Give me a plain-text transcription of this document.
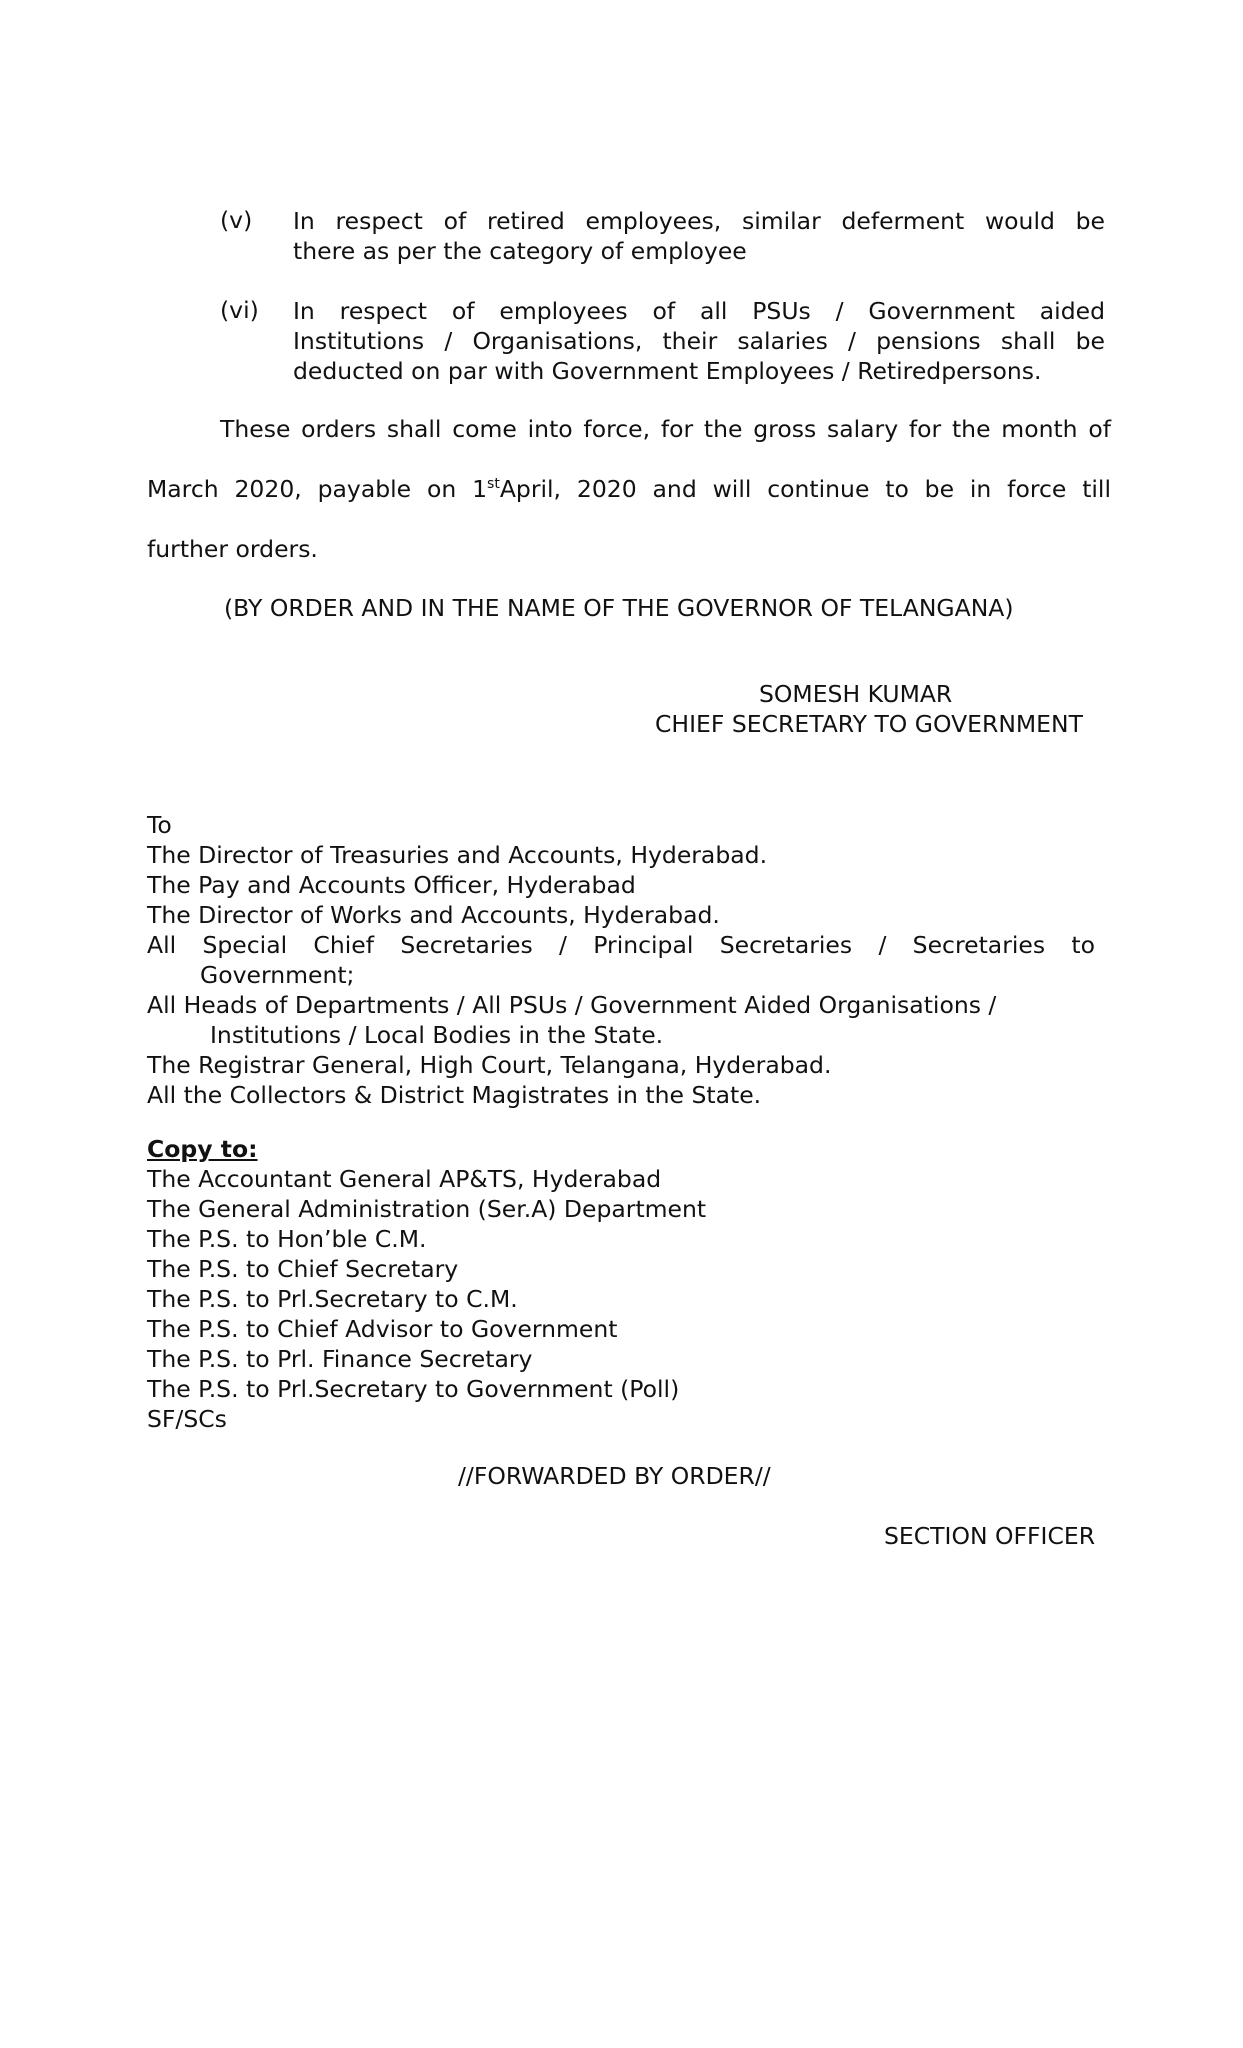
(v) In respect of retired employees, similar deferment would be
there as per the category of employee
(vi) In respect of employees of all PSUs / Government aided
Institutions / Organisations, their salaries / pensions shall be
deducted on par with Government Employees / Retiredpersons.
These orders shall come into force, for the gross salary for the month of
March 2020, payable on 1stApril, 2020 and will continue to be in force till
further orders.
(BY ORDER AND IN THE NAME OF THE GOVERNOR OF TELANGANA)
SOMESH KUMAR
CHIEF SECRETARY TO GOVERNMENT
To
The Director of Treasuries and Accounts, Hyderabad.
The Pay and Accounts Officer, Hyderabad
The Director of Works and Accounts, Hyderabad.
All Special Chief Secretaries / Principal Secretaries / Secretaries to
Government;
All Heads of Departments / All PSUs / Government Aided Organisations /
Institutions / Local Bodies in the State.
The Registrar General, High Court, Telangana, Hyderabad.
All the Collectors & District Magistrates in the State.
Copy to:
The Accountant General AP&TS, Hyderabad
The General Administration (Ser.A) Department
The P.S. to Hon’ble C.M.
The P.S. to Chief Secretary
The P.S. to Prl.Secretary to C.M.
The P.S. to Chief Advisor to Government
The P.S. to Prl. Finance Secretary
The P.S. to Prl.Secretary to Government (Poll)
SF/SCs
//FORWARDED BY ORDER//
SECTION OFFICER
